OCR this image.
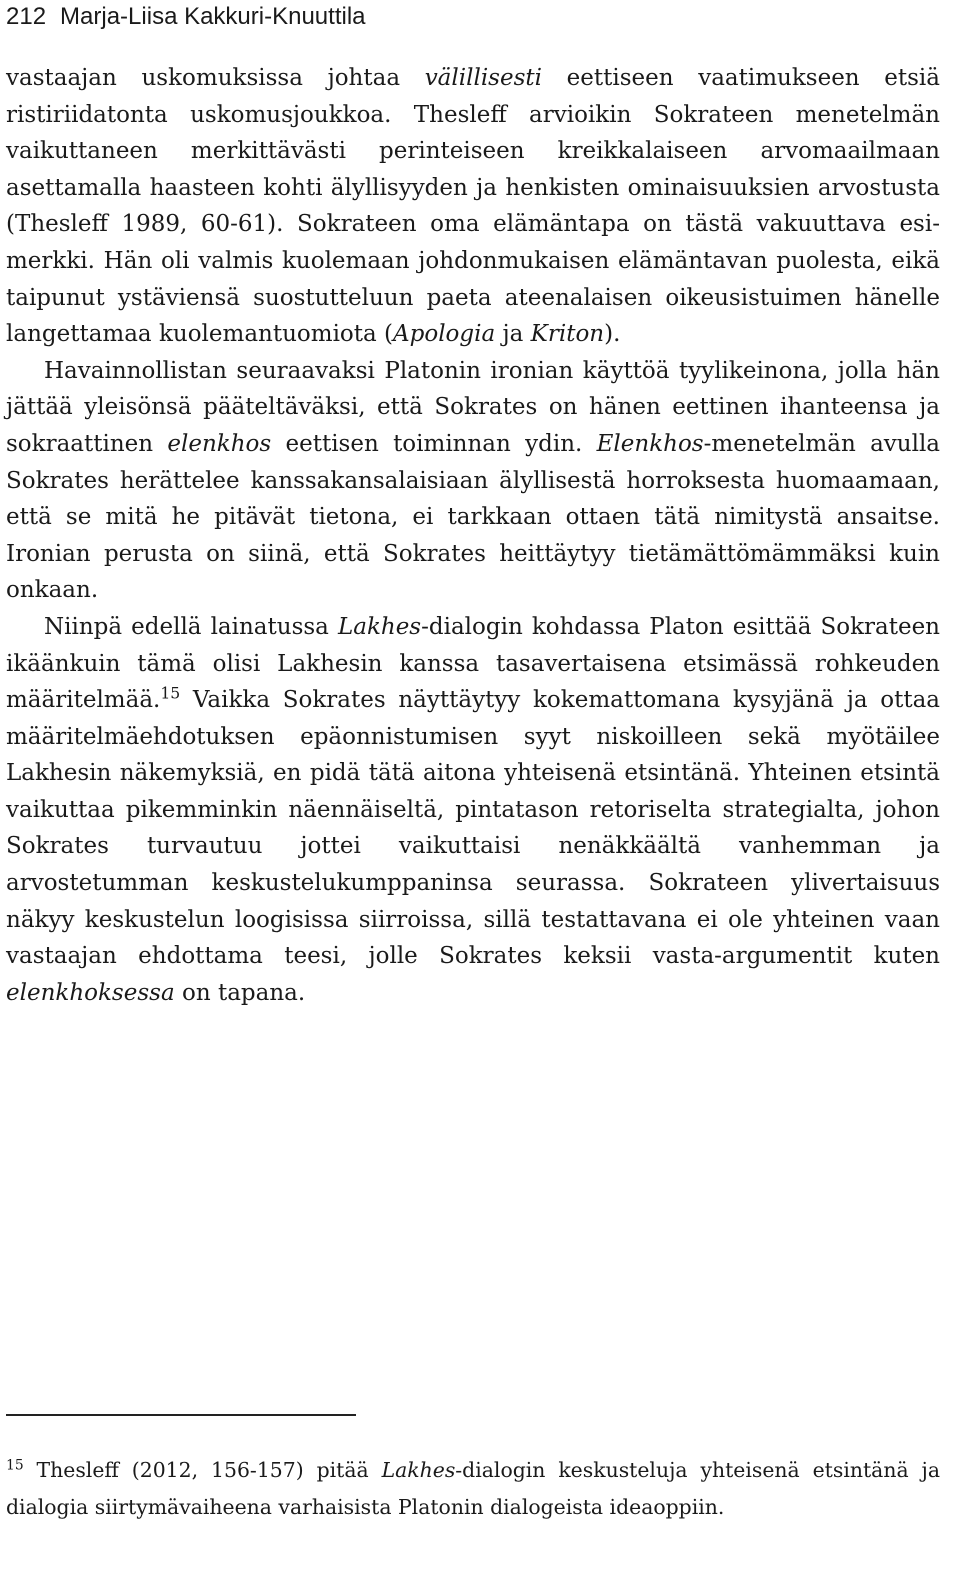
212 Marja-Liisa Kakkuri-Knuuttila

vastaajan uskomuksissa johtaa välillisesti eettiseen vaatimukseen etsiä ristiriidatonta uskomusjoukkoa. Thesleff arvioikin Sokrateen menetelmän vaikuttaneen merkittävästi perinteiseen kreikkalaiseen arvomaailmaan asettamalla haasteen kohti älyllisyyden ja henkisten ominaisuuksien arvostusta (Thesleff 1989, 60-61). Sokrateen oma elämäntapa on tästä vakuuttava esimerkki. Hän oli valmis kuolemaan johdonmukaisen elämäntavan puolesta, eikä taipunut ystäviensä suostutteluun paeta ateenalaisen oikeusistuimen hänelle langettamaa kuolemantuomiota (Apologia ja Kriton).

Havainnollistan seuraavaksi Platonin ironian käyttöä tyylikeinona, jolla hän jättää yleisönsä pääteltäväksi, että Sokrates on hänen eettinen ihanteensa ja sokraattinen elenkhos eettisen toiminnan ydin. Elenkhos-menetelmän avulla Sokrates herättelee kanssakansalaisiaan älyllisestä horroksesta huomaamaan, että se mitä he pitävät tietona, ei tarkkaan ottaen tätä nimitystä ansaitse. Ironian perusta on siinä, että Sokrates heittäytyy tietämättömämmäksi kuin onkaan.

Niinpä edellä lainatussa Lakhes-dialogin kohdassa Platon esittää Sokrateen ikäänkuin tämä olisi Lakhesin kanssa tasavertaisena etsimässä rohkeuden määritelmää.$^{15}$ Vaikka Sokrates näyttäytyy kokemattomana kysyjänä ja ottaa määritelmäehdotuksen epäonnistumisen syyt niskoilleen sekä myötäilee Lakhesin näkemyksiä, en pidä tätä aitona yhteisenä etsintänä. Yhteinen etsintä vaikuttaa pikemminkin näennäiseltä, pintatason retoriselta strategialta, johon Sokrates turvautuu jottei vaikuttaisi nenäkkäältä vanhemman ja arvostetumman keskustelukumppaninsa seurassa. Sokrateen ylivertaisuus näkyy keskustelun loogisissa siirroissa, sillä testattavana ei ole yhteinen vaan vastaajan ehdottama teesi, jolle Sokrates keksii vasta-argumentit kuten elenkhoksessa on tapana.

$^{15}$ Thesleff (2012, 156-157) pitää Lakhes-dialogin keskusteluja yhteisenä etsintänä ja dialogia siirtymävaiheena varhaisista Platonin dialogeista ideaoppiin.
